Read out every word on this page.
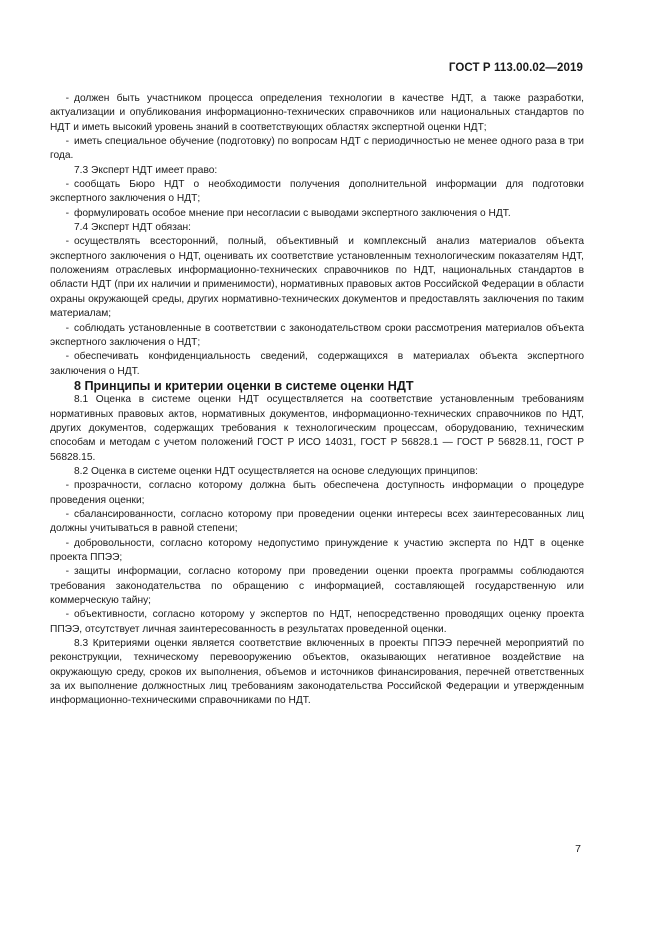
ГОСТ Р 113.00.02—2019

- должен быть участником процесса определения технологии в качестве НДТ, а также разработки, актуализации и опубликования информационно-технических справочников или национальных стандартов по НДТ и иметь высокий уровень знаний в соответствующих областях экспертной оценки НДТ;

- иметь специальное обучение (подготовку) по вопросам НДТ с периодичностью не менее одного раза в три года.

7.3 Эксперт НДТ имеет право:

- сообщать Бюро НДТ о необходимости получения дополнительной информации для подготовки экспертного заключения о НДТ;

- формулировать особое мнение при несогласии с выводами экспертного заключения о НДТ.

7.4 Эксперт НДТ обязан:

- осуществлять всесторонний, полный, объективный и комплексный анализ материалов объекта экспертного заключения о НДТ, оценивать их соответствие установленным технологическим показателям НДТ, положениям отраслевых информационно-технических справочников по НДТ, национальных стандартов в области НДТ (при их наличии и применимости), нормативных правовых актов Российской Федерации в области охраны окружающей среды, других нормативно-технических документов и предоставлять заключения по таким материалам;

- соблюдать установленные в соответствии с законодательством сроки рассмотрения материалов объекта экспертного заключения о НДТ;

- обеспечивать конфиденциальность сведений, содержащихся в материалах объекта экспертного заключения о НДТ.

8 Принципы и критерии оценки в системе оценки НДТ

8.1 Оценка в системе оценки НДТ осуществляется на соответствие установленным требованиям нормативных правовых актов, нормативных документов, информационно-технических справочников по НДТ, других документов, содержащих требования к технологическим процессам, оборудованию, техническим способам и методам с учетом положений ГОСТ Р ИСО 14031, ГОСТ Р 56828.1 — ГОСТ Р 56828.11, ГОСТ Р 56828.15.

8.2 Оценка в системе оценки НДТ осуществляется на основе следующих принципов:

- прозрачности, согласно которому должна быть обеспечена доступность информации о процедуре проведения оценки;

- сбалансированности, согласно которому при проведении оценки интересы всех заинтересованных лиц должны учитываться в равной степени;

- добровольности, согласно которому недопустимо принуждение к участию эксперта по НДТ в оценке проекта ППЭЭ;

- защиты информации, согласно которому при проведении оценки проекта программы соблюдаются требования законодательства по обращению с информацией, составляющей государственную или коммерческую тайну;

- объективности, согласно которому у экспертов по НДТ, непосредственно проводящих оценку проекта ППЭЭ, отсутствует личная заинтересованность в результатах проведенной оценки.

8.3 Критериями оценки является соответствие включенных в проекты ППЭЭ перечней мероприятий по реконструкции, техническому перевооружению объектов, оказывающих негативное воздействие на окружающую среду, сроков их выполнения, объемов и источников финансирования, перечней ответственных за их выполнение должностных лиц требованиям законодательства Российской Федерации и утвержденным информационно-техническими справочниками по НДТ.

7
